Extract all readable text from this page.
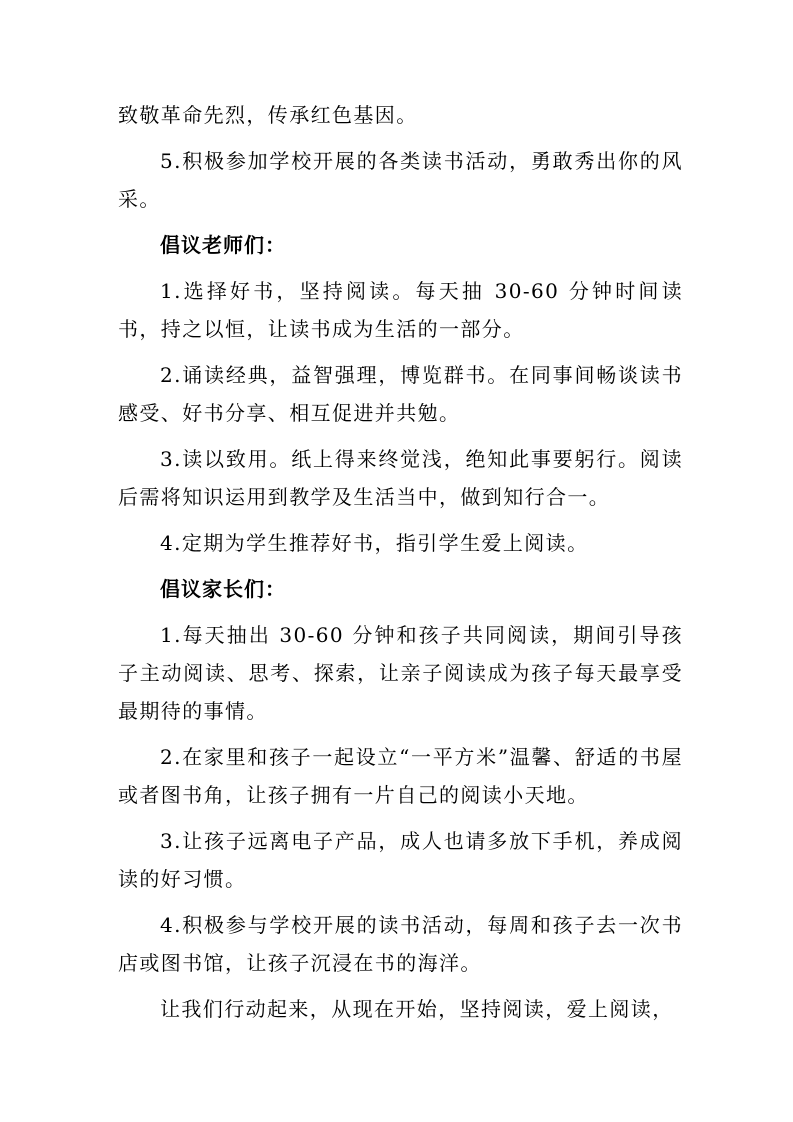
致敬革命先烈，传承红色基因。

5.积极参加学校开展的各类读书活动，勇敢秀出你的风采。

倡议老师们：

1.选择好书，坚持阅读。每天抽 30-60 分钟时间读书，持之以恒，让读书成为生活的一部分。

2.诵读经典，益智强理，博览群书。在同事间畅谈读书感受、好书分享、相互促进并共勉。

3.读以致用。纸上得来终觉浅，绝知此事要躬行。阅读后需将知识运用到教学及生活当中，做到知行合一。

4.定期为学生推荐好书，指引学生爱上阅读。

倡议家长们：

1.每天抽出 30-60 分钟和孩子共同阅读，期间引导孩子主动阅读、思考、探索，让亲子阅读成为孩子每天最享受最期待的事情。

2.在家里和孩子一起设立“一平方米”温馨、舒适的书屋或者图书角，让孩子拥有一片自己的阅读小天地。

3.让孩子远离电子产品，成人也请多放下手机，养成阅读的好习惯。

4.积极参与学校开展的读书活动，每周和孩子去一次书店或图书馆，让孩子沉浸在书的海洋。

让我们行动起来，从现在开始，坚持阅读，爱上阅读，
